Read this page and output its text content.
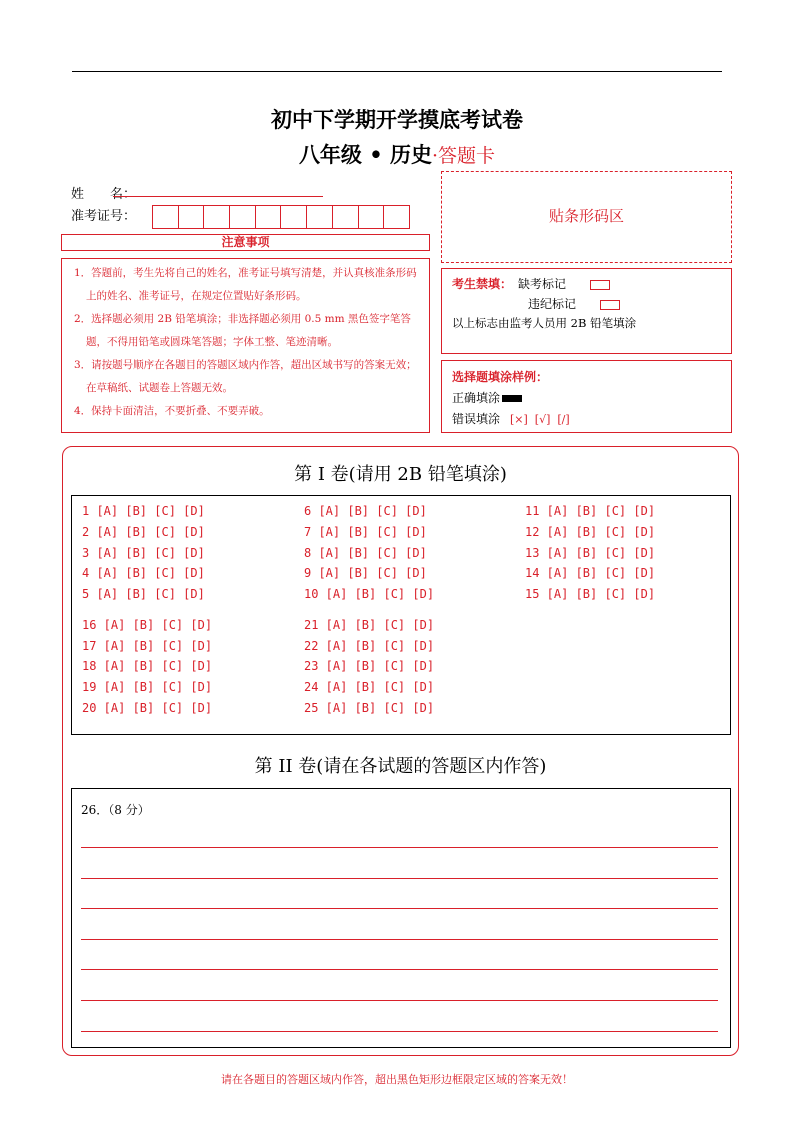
初中下学期开学摸底考试卷
八年级 • 历史·答题卡
姓　　名：
准考证号：
注意事项
1．答题前，考生先将自己的姓名，准考证号填写清楚，并认真核准条形码上的姓名、准考证号，在规定位置贴好条形码。
2．选择题必须用 2B 铅笔填涂；非选择题必须用 0.5 mm 黑色签字笔答题，不得用铅笔或圆珠笔答题；字体工整、笔迹清晰。
3．请按题号顺序在各题目的答题区域内作答，超出区域书写的答案无效；在草稿纸、试题卷上答题无效。
4．保持卡面清洁，不要折叠、不要弄破。
贴条形码区
考生禁填： 缺考标记
违纪标记
以上标志由监考人员用 2B 铅笔填涂
选择题填涂样例：
正确填涂
错误填涂 [×]  [√]  [/]
第 I 卷(请用 2B 铅笔填涂)
1 [A] [B] [C] [D]
2 [A] [B] [C] [D]
3 [A] [B] [C] [D]
4 [A] [B] [C] [D]
5 [A] [B] [C] [D]
16 [A] [B] [C] [D]
17 [A] [B] [C] [D]
18 [A] [B] [C] [D]
19 [A] [B] [C] [D]
20 [A] [B] [C] [D]
6 [A] [B] [C] [D]
7 [A] [B] [C] [D]
8 [A] [B] [C] [D]
9 [A] [B] [C] [D]
10 [A] [B] [C] [D]
21 [A] [B] [C] [D]
22 [A] [B] [C] [D]
23 [A] [B] [C] [D]
24 [A] [B] [C] [D]
25 [A] [B] [C] [D]
11 [A] [B] [C] [D]
12 [A] [B] [C] [D]
13 [A] [B] [C] [D]
14 [A] [B] [C] [D]
15 [A] [B] [C] [D]
第 II 卷(请在各试题的答题区内作答)
26．（8 分）
请在各题目的答题区域内作答，超出黑色矩形边框限定区域的答案无效！
